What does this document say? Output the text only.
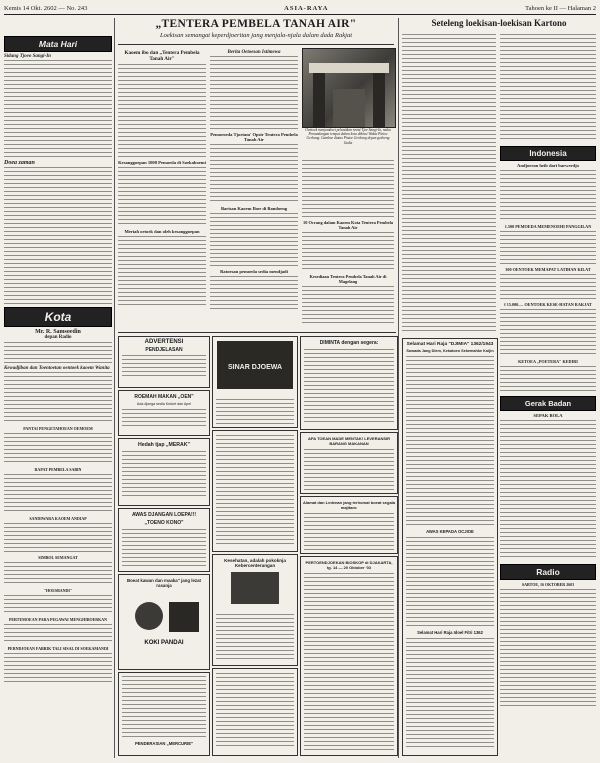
Kemis 14 Okt. 2602 — No. 243	ASIA-RAYA	Tahoen ke II — Halaman 2
Mata Hari
Sidang Tjoeo Sangi-In
Doea zaman
Kota
Mr. R. Samsoedin
depan Radio
Kewadjiban dan Toentoetan oentoek kaoem Wanita
PANTAI PENGETAHOEAN OEMOEM
RAPAT PEMBELA SABIN
SANDIWARA KAOEM ANDIAP
SIMBOL SEMANGAT
"HOESBANDI"
PERTEMOEAN PARA PEGAWAI MENGHIBOERKAN
PERNDJOEAN FABRIK TALI SISAL DI SOEKAMANDI
„TENTERA PEMBELA TANAH AIR"
Loekisan semangat keperdjoeritan jang menjala-njala dalam dada Rakjat
Kaoem ibo dan „Tentera Pembela Tanah Air"
Kesanggoepan 1000 Pemoeda di Soekaboemi
Meriah oetoek dan oleh kesanggoepan
Berita Oetoesan Istimewa
Pemoeoeda Tjoetam' Opsir Tentera Pembela Tanah Air
Barisan Kaoem Iboe di Bandoeng
Ratoesan pemoeda sedia mendjadi
Oentoek menjamboet pelantikan resmi Tjoe Sangi-In, maka Pemandangan tempat dalam kota dihiasi Wakiu Pintoe Gerbang. Gambar diatas Pintoe Gerbang depan gedoeng Gadis
10 Ocrang dalam Kaoem Kota Tentera Pembela Tanah Air
Kesediaan Tentera Pembela Tanah Air di Magelang
Seteleng loekisan-loekisan Kartono
Indonesia
Andjoeran heib dari barwerdjo
1.500 PEMOEDA MEMENOEHI PANGGILAN
300 OENTOEK MEMAPAT LATIHAN KILAT
f 15.000.— OENTOEK KESE-HATAN RAKJAT
KETOEA „POETERA" KEDIRI
Gerak Badan
SEPAK BOLA
Radio
SABTOE, 16 OKTOBER 2603
ADVERTENSI
PENDJELASAN
ROEMAH MAKAN „OEN"
Ada djoega sedia Kroket dan Apel
Hedah tjap „MERAK"
AWAS DJANGAN LOEPA!!!
„TOENO KONO"
Boeat kawan dan maaka" jang lezat rasanja
KOKI PANDAI
PENDERASIAN „MERCURIE"
SINAR DJOEWA
Kesehatan, adalah pokoknja Kebercenterangan
DIMINTA dengan segera:
APA TOEAN MADE MENTAK! LEVERANSIR BARANG MAKANAN
Alamat dan Ledenan jang terhomat boeat segala majitam:
PERTOENDJOEKAN BIOSKOP di DJAKARTA, tg. 14 — 20 Oktober '03
Selamat Hari Raja "DJIMIA" 1362/1943
Sowada Jang Dlem, Kekatoen Sekemahke Koijin
AWAS KEPADA OCJIOE
Selamat Hari Raja Idoel Fitri 1362
